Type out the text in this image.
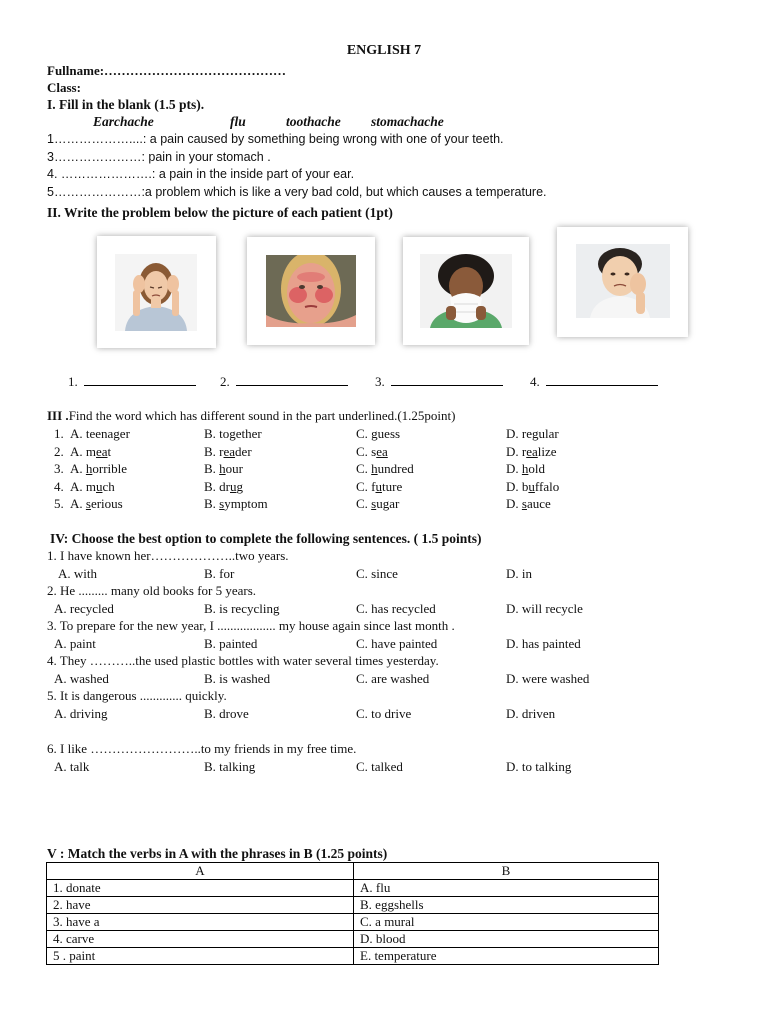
ENGLISH 7
Fullname:……………………………………
Class:
I. Fill in the blank (1.5 pts).
Earchache	flu	toothache stomachache
1………………....: a pain caused by something being wrong with one of your teeth.
3…………………: pain in your stomach .
4. ………………….: a pain in the inside part of your ear.
5…………………:a problem which is like a very bad cold, but which causes a temperature.
II. Write the problem below the picture of each patient (1pt)
1.	2.	3.	4.
III .Find the word which has different sound in the part underlined.(1.25point)
1. A. teenager	B. together	C. guess	D. regular
2. A. meat	B. reader	C. sea	D. realize
3. A. horrible	B. hour	C. hundred	D. hold
4. A. much	B. drug	C. future	D. buffalo
5. A. serious	B. symptom	C. sugar	D. sauce
IV: Choose the best option to complete the following sentences. ( 1.5 points)
1. I have known her………………..two years.
A. with	B. for	C. since	D. in
2. He ......... many old books for 5 years.
A. recycled	B. is recycling	C. has recycled	D. will recycle
3. To prepare for the new year, I .................. my house again since last month .
A. paint	B. painted	C. have painted	D. has painted
4. They ………..the used plastic bottles with water several times yesterday.
A. washed	B. is washed	C. are washed	D. were washed
5. It is dangerous ............. quickly.
A. driving	B. drove	C. to drive	D. driven
6. I like ……………………..to my friends in my free time.
A. talk	B. talking	C. talked	D. to talking
V : Match the verbs in A with the phrases in B (1.25 points)
A	B
1. donate	A. flu
2. have	B. eggshells
3. have a	C. a mural
4. carve	D. blood
5 . paint	E. temperature
